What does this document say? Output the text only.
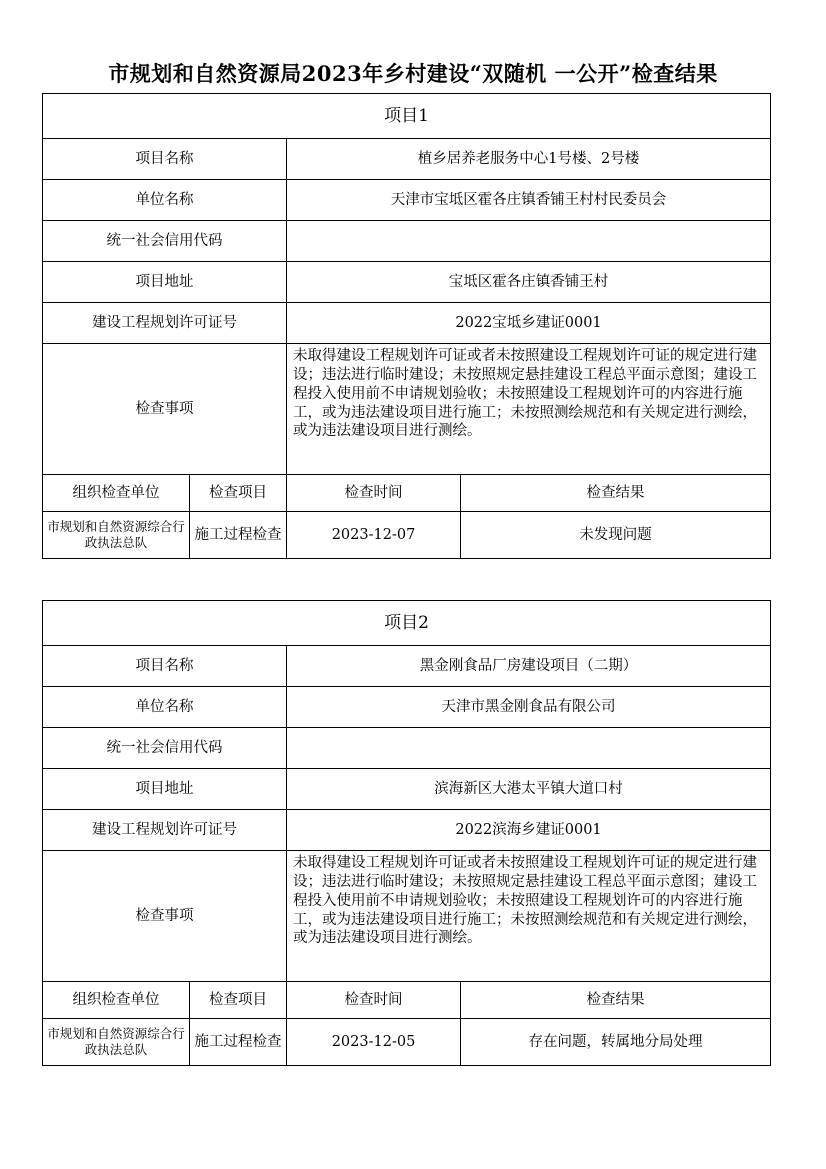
市规划和自然资源局2023年乡村建设“双随机 一公开”检查结果
项目1			
项目名称		植乡居养老服务中心1号楼、2号楼	
单位名称		天津市宝坻区霍各庄镇香铺王村村民委员会	
统一社会信用代码			
项目地址		宝坻区霍各庄镇香铺王村	
建设工程规划许可证号		2022宝坻乡建证0001	
检查事项		未取得建设工程规划许可证或者未按照建设工程规划许可证的规定进行建设；违法进行临时建设；未按照规定悬挂建设工程总平面示意图；建设工程投入使用前不申请规划验收；未按照建设工程规划许可的内容进行施工，或为违法建设项目进行施工；未按照测绘规范和有关规定进行测绘，或为违法建设项目进行测绘。	
组织检查单位	检查项目	检查时间	检查结果
市规划和自然资源综合行政执法总队	施工过程检查	2023-12-07	未发现问题
项目2			
项目名称		黑金刚食品厂房建设项目（二期）	
单位名称		天津市黑金刚食品有限公司	
统一社会信用代码			
项目地址		滨海新区大港太平镇大道口村	
建设工程规划许可证号		2022滨海乡建证0001	
检查事项		未取得建设工程规划许可证或者未按照建设工程规划许可证的规定进行建设；违法进行临时建设；未按照规定悬挂建设工程总平面示意图；建设工程投入使用前不申请规划验收；未按照建设工程规划许可的内容进行施工，或为违法建设项目进行施工；未按照测绘规范和有关规定进行测绘，或为违法建设项目进行测绘。	
组织检查单位	检查项目	检查时间	检查结果
市规划和自然资源综合行政执法总队	施工过程检查	2023-12-05	存在问题，转属地分局处理
